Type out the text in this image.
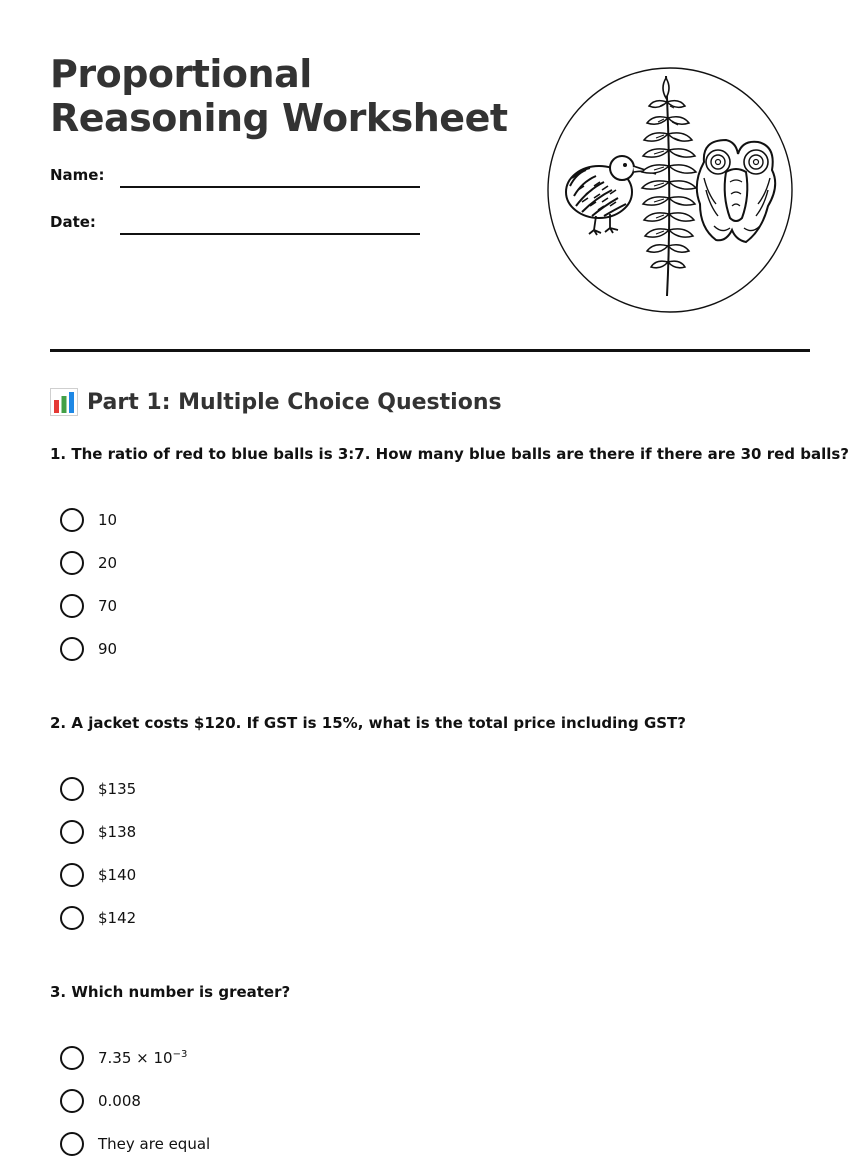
Proportional Reasoning Worksheet
Name:
Date:
Part 1: Multiple Choice Questions

1. The ratio of red to blue balls is 3:7. How many blue balls are there if there are 30 red balls?

10
20
70
90

2. A jacket costs $120. If GST is 15%, what is the total price including GST?

$135
$138
$140
$142

3. Which number is greater?

$7.35 \times 10^{-3}$
0.008
They are equal
